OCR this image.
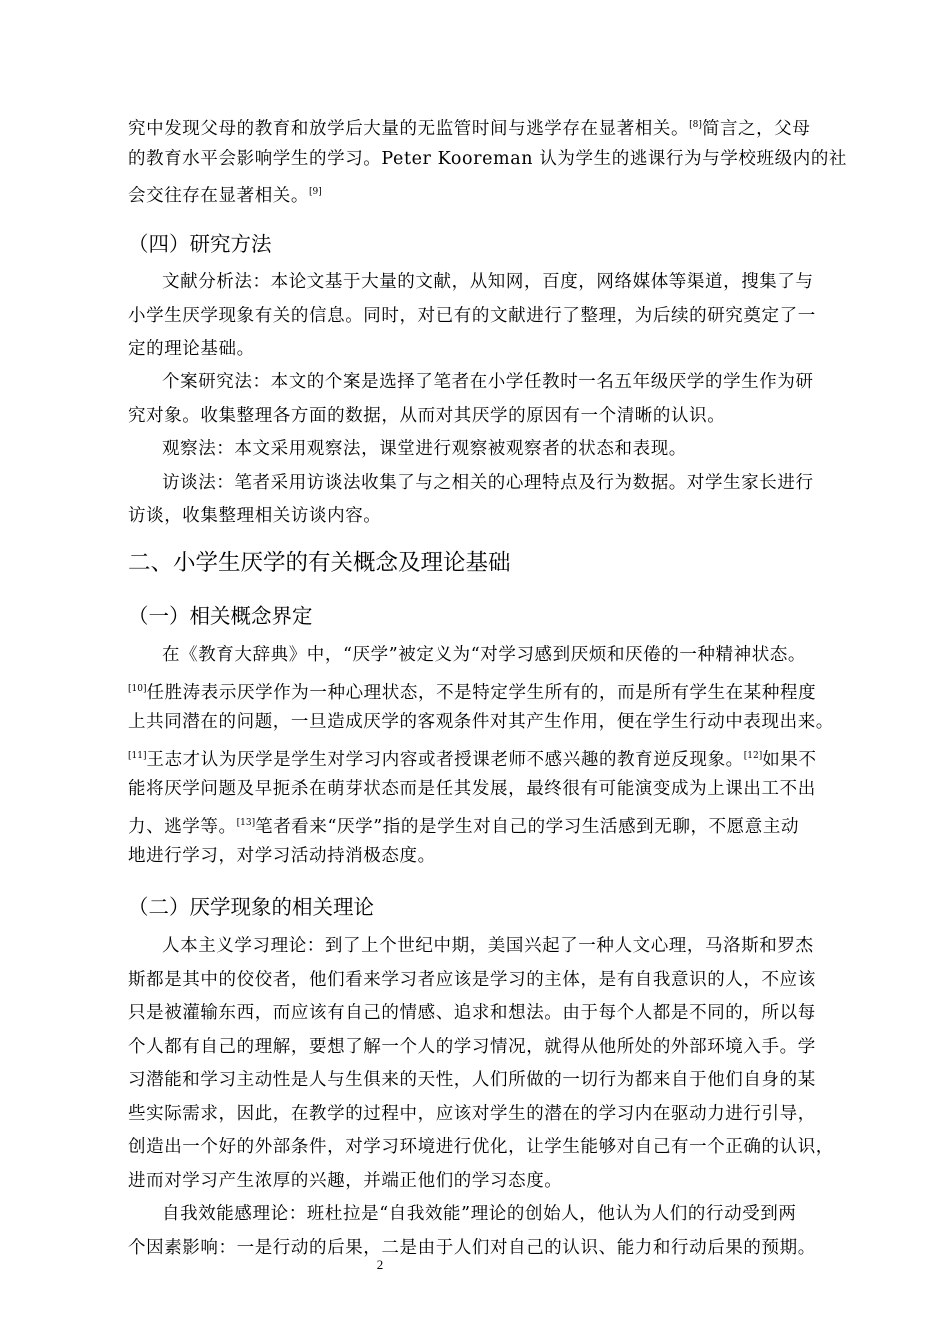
究中发现父母的教育和放学后大量的无监管时间与逃学存在显著相关。[8]简言之，父母
的教育水平会影响学生的学习。Peter Kooreman 认为学生的逃课行为与学校班级内的社
会交往存在显著相关。[9]
（四）研究方法
文献分析法：本论文基于大量的文献，从知网，百度，网络媒体等渠道，搜集了与
小学生厌学现象有关的信息。同时，对已有的文献进行了整理，为后续的研究奠定了一
定的理论基础。
个案研究法：本文的个案是选择了笔者在小学任教时一名五年级厌学的学生作为研
究对象。收集整理各方面的数据，从而对其厌学的原因有一个清晰的认识。
观察法：本文采用观察法，课堂进行观察被观察者的状态和表现。
访谈法：笔者采用访谈法收集了与之相关的心理特点及行为数据。对学生家长进行
访谈，收集整理相关访谈内容。
二、小学生厌学的有关概念及理论基础
（一）相关概念界定
在《教育大辞典》中，“厌学”被定义为“对学习感到厌烦和厌倦的一种精神状态。
[10]任胜涛表示厌学作为一种心理状态，不是特定学生所有的，而是所有学生在某种程度
上共同潜在的问题，一旦造成厌学的客观条件对其产生作用，便在学生行动中表现出来。
[11]王志才认为厌学是学生对学习内容或者授课老师不感兴趣的教育逆反现象。[12]如果不
能将厌学问题及早扼杀在萌芽状态而是任其发展，最终很有可能演变成为上课出工不出
力、逃学等。[13]笔者看来“厌学”指的是学生对自己的学习生活感到无聊，不愿意主动
地进行学习，对学习活动持消极态度。
（二）厌学现象的相关理论
人本主义学习理论：到了上个世纪中期，美国兴起了一种人文心理，马洛斯和罗杰
斯都是其中的佼佼者，他们看来学习者应该是学习的主体，是有自我意识的人，不应该
只是被灌输东西，而应该有自己的情感、追求和想法。由于每个人都是不同的，所以每
个人都有自己的理解，要想了解一个人的学习情况，就得从他所处的外部环境入手。学
习潜能和学习主动性是人与生俱来的天性，人们所做的一切行为都来自于他们自身的某
些实际需求，因此，在教学的过程中，应该对学生的潜在的学习内在驱动力进行引导，
创造出一个好的外部条件，对学习环境进行优化，让学生能够对自己有一个正确的认识，
进而对学习产生浓厚的兴趣，并端正他们的学习态度。
自我效能感理论：班杜拉是“自我效能”理论的创始人，他认为人们的行动受到两
个因素影响：一是行动的后果，二是由于人们对自己的认识、能力和行动后果的预期。
2
